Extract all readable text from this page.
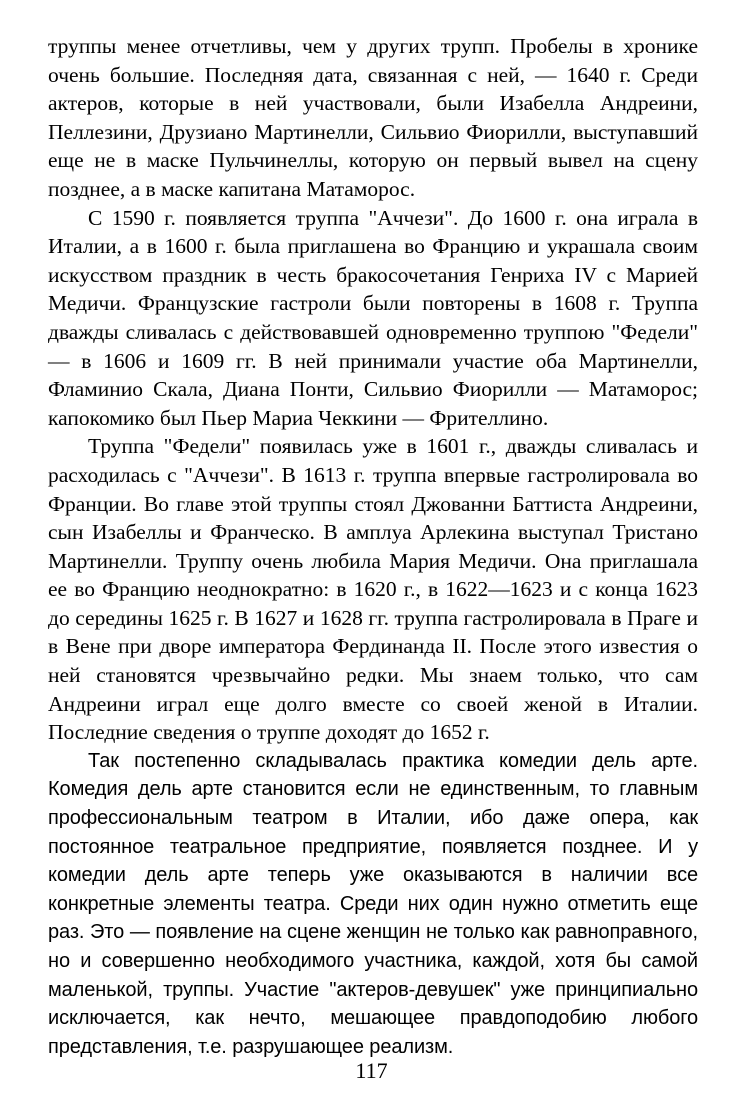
труппы менее отчетливы, чем у других трупп. Пробелы в хронике очень большие. Последняя дата, связанная с ней, — 1640 г. Среди актеров, которые в ней участвовали, были Изабелла Андреини, Пеллезини, Друзиано Мартинелли, Сильвио Фиорилли, выступавший еще не в маске Пульчинеллы, которую он первый вывел на сцену позднее, а в маске капитана Матаморос.

С 1590 г. появляется труппа "Аччези". До 1600 г. она играла в Италии, а в 1600 г. была приглашена во Францию и украшала своим искусством праздник в честь бракосочетания Генриха IV с Марией Медичи. Французские гастроли были повторены в 1608 г. Труппа дважды сливалась с действовавшей одновременно труппою "Федели" — в 1606 и 1609 гг. В ней принимали участие оба Мартинелли, Фламинио Скала, Диана Понти, Сильвио Фиорилли — Матаморос; капокомико был Пьер Мариа Чеккини — Фрителлино.

Труппа "Федели" появилась уже в 1601 г., дважды сливалась и расходилась с "Аччези". В 1613 г. труппа впервые гастролировала во Франции. Во главе этой труппы стоял Джованни Баттиста Андреини, сын Изабеллы и Франческо. В амплуа Арлекина выступал Тристано Мартинелли. Труппу очень любила Мария Медичи. Она приглашала ее во Францию неоднократно: в 1620 г., в 1622—1623 и с конца 1623 до середины 1625 г. В 1627 и 1628 гг. труппа гастролировала в Праге и в Вене при дворе императора Фердинанда II. После этого известия о ней становятся чрезвычайно редки. Мы знаем только, что сам Андреини играл еще долго вместе со своей женой в Италии. Последние сведения о труппе доходят до 1652 г.

Так постепенно складывалась практика комедии дель арте. Комедия дель арте становится если не единственным, то главным профессиональным театром в Италии, ибо даже опера, как постоянное театральное предприятие, появляется позднее. И у комедии дель арте теперь уже оказываются в наличии все конкретные элементы театра. Среди них один нужно отметить еще раз. Это — появление на сцене женщин не только как равноправного, но и совершенно необходимого участника, каждой, хотя бы самой маленькой, труппы. Участие "актеров-девушек" уже принципиально исключается, как нечто, мешающее правдоподобию любого представления, т.е. разрушающее реализм.

117
